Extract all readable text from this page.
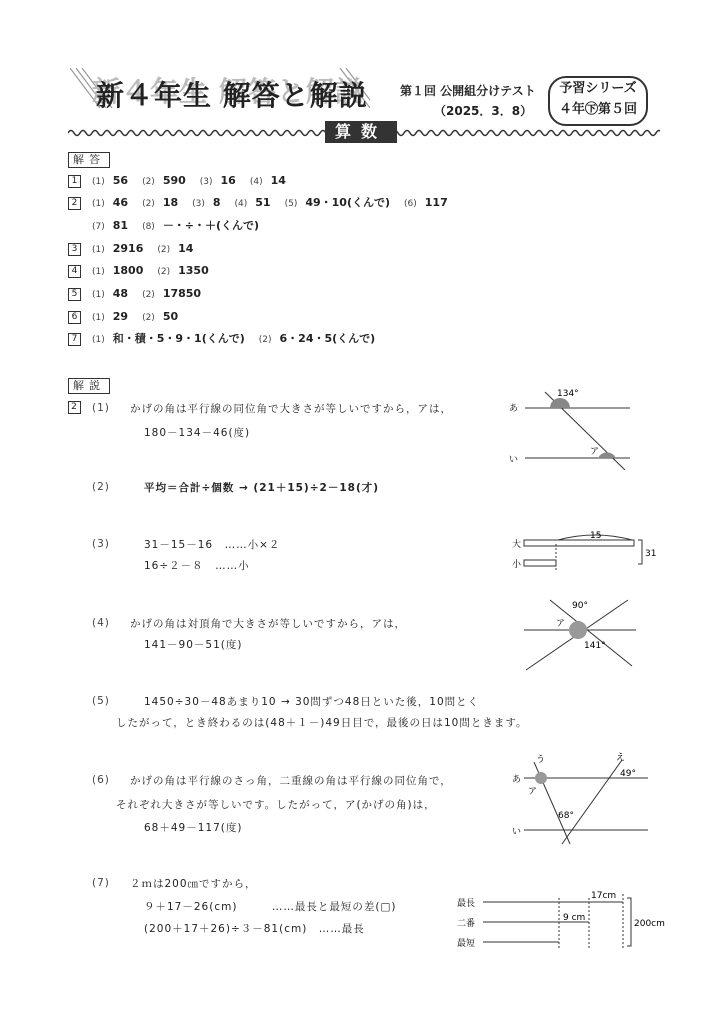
新４年生 解答と解説	第１回 公開組分けテスト
（2025．3．8）
予習シリーズ
４年㊦第５回
算数
解答
1 (1) 56 (2) 590 (3) 16 (4) 14
2 (1) 46 (2) 18 (3) 8 (4) 51 (5) 49・10(くんで) (6) 117
(7) 81 (8) －・÷・＋(くんで)
3 (1) 2916 (2) 14
4 (1) 1800 (2) 1350
5 (1) 48 (2) 17850
6 (1) 29 (2) 50
7 (1) 和・積・5・9・1(くんで) (2) 6・24・5(くんで)
解説
2 (1) かげの角は平行線の同位角で大きさが等しいですから，アは，
180－134－46(度)
(2)	平均＝合計÷個数 → (21＋15)÷2－18(才)
(3)	31－15－16　……小×２
16÷２－８　……小
(4) かげの角は対頂角で大きさが等しいですから，アは，
141－90－51(度)
(5)	1450÷30－48あまり10 → 30問ずつ48日といた後，10問とく
したがって，とき終わるのは(48＋１－)49日目で，最後の日は10問ときます。
(6) かげの角は平行線のさっ角，二重線の角は平行線の同位角で，
それぞれ大きさが等しいです。したがって，ア(かげの角)は，
68＋49－117(度)
(7) ２ｍは200㎝ですから，
９＋17－26(cm)　　　……最長と最短の差(□)
(200＋17＋26)÷３－81(cm)　……最長
134°
あ
い
ア
大
小
15
31
90°
ア
141°
う	え
あ
い
ア
49°
68°
最長
二番
最短
17cm
9 cm
200cm
